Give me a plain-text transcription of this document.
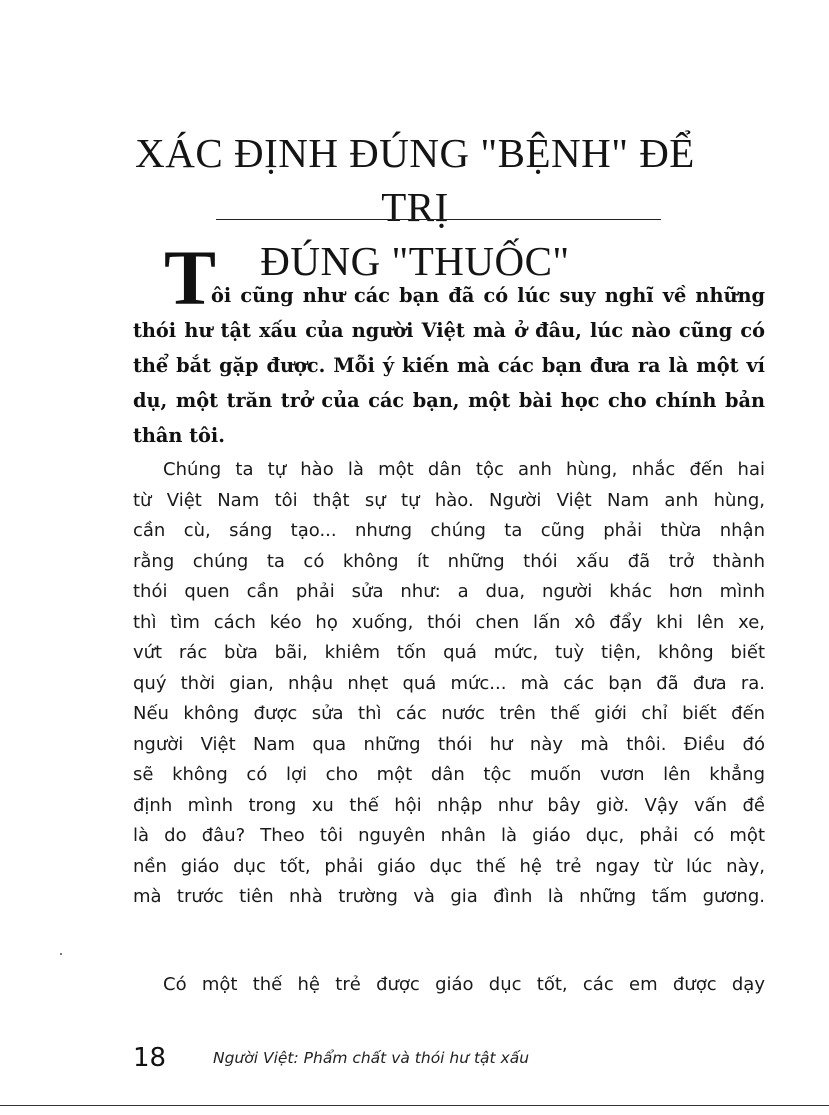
XÁC ĐỊNH ĐÚNG "BỆNH" ĐỂ TRỊ
ĐÚNG "THUỐC"
T
ôi cũng như các bạn đã có lúc suy nghĩ về những
thói hư tật xấu của người Việt mà ở đâu, lúc nào cũng có
thể bắt gặp được. Mỗi ý kiến mà các bạn đưa ra là một ví
dụ, một trăn trở của các bạn, một bài học cho chính bản
thân tôi.
Chúng ta tự hào là một dân tộc anh hùng, nhắc đến hai
từ Việt Nam tôi thật sự tự hào. Người Việt Nam anh hùng,
cần cù, sáng tạo... nhưng chúng ta cũng phải thừa nhận
rằng chúng ta có không ít những thói xấu đã trở thành
thói quen cần phải sửa như: a dua, người khác hơn mình
thì tìm cách kéo họ xuống, thói chen lấn xô đẩy khi lên xe,
vứt rác bừa bãi, khiêm tốn quá mức, tuỳ tiện, không biết
quý thời gian, nhậu nhẹt quá mức... mà các bạn đã đưa ra.
Nếu không được sửa thì các nước trên thế giới chỉ biết đến
người Việt Nam qua những thói hư này mà thôi. Điều đó
sẽ không có lợi cho một dân tộc muốn vươn lên khẳng
định mình trong xu thế hội nhập như bây giờ. Vậy vấn đề
là do đâu? Theo tôi nguyên nhân là giáo dục, phải có một
nền giáo dục tốt, phải giáo dục thế hệ trẻ ngay từ lúc này,
mà trước tiên nhà trường và gia đình là những tấm gương.
Có một thế hệ trẻ được giáo dục tốt, các em được dạy
18	Người Việt: Phẩm chất và thói hư tật xấu
